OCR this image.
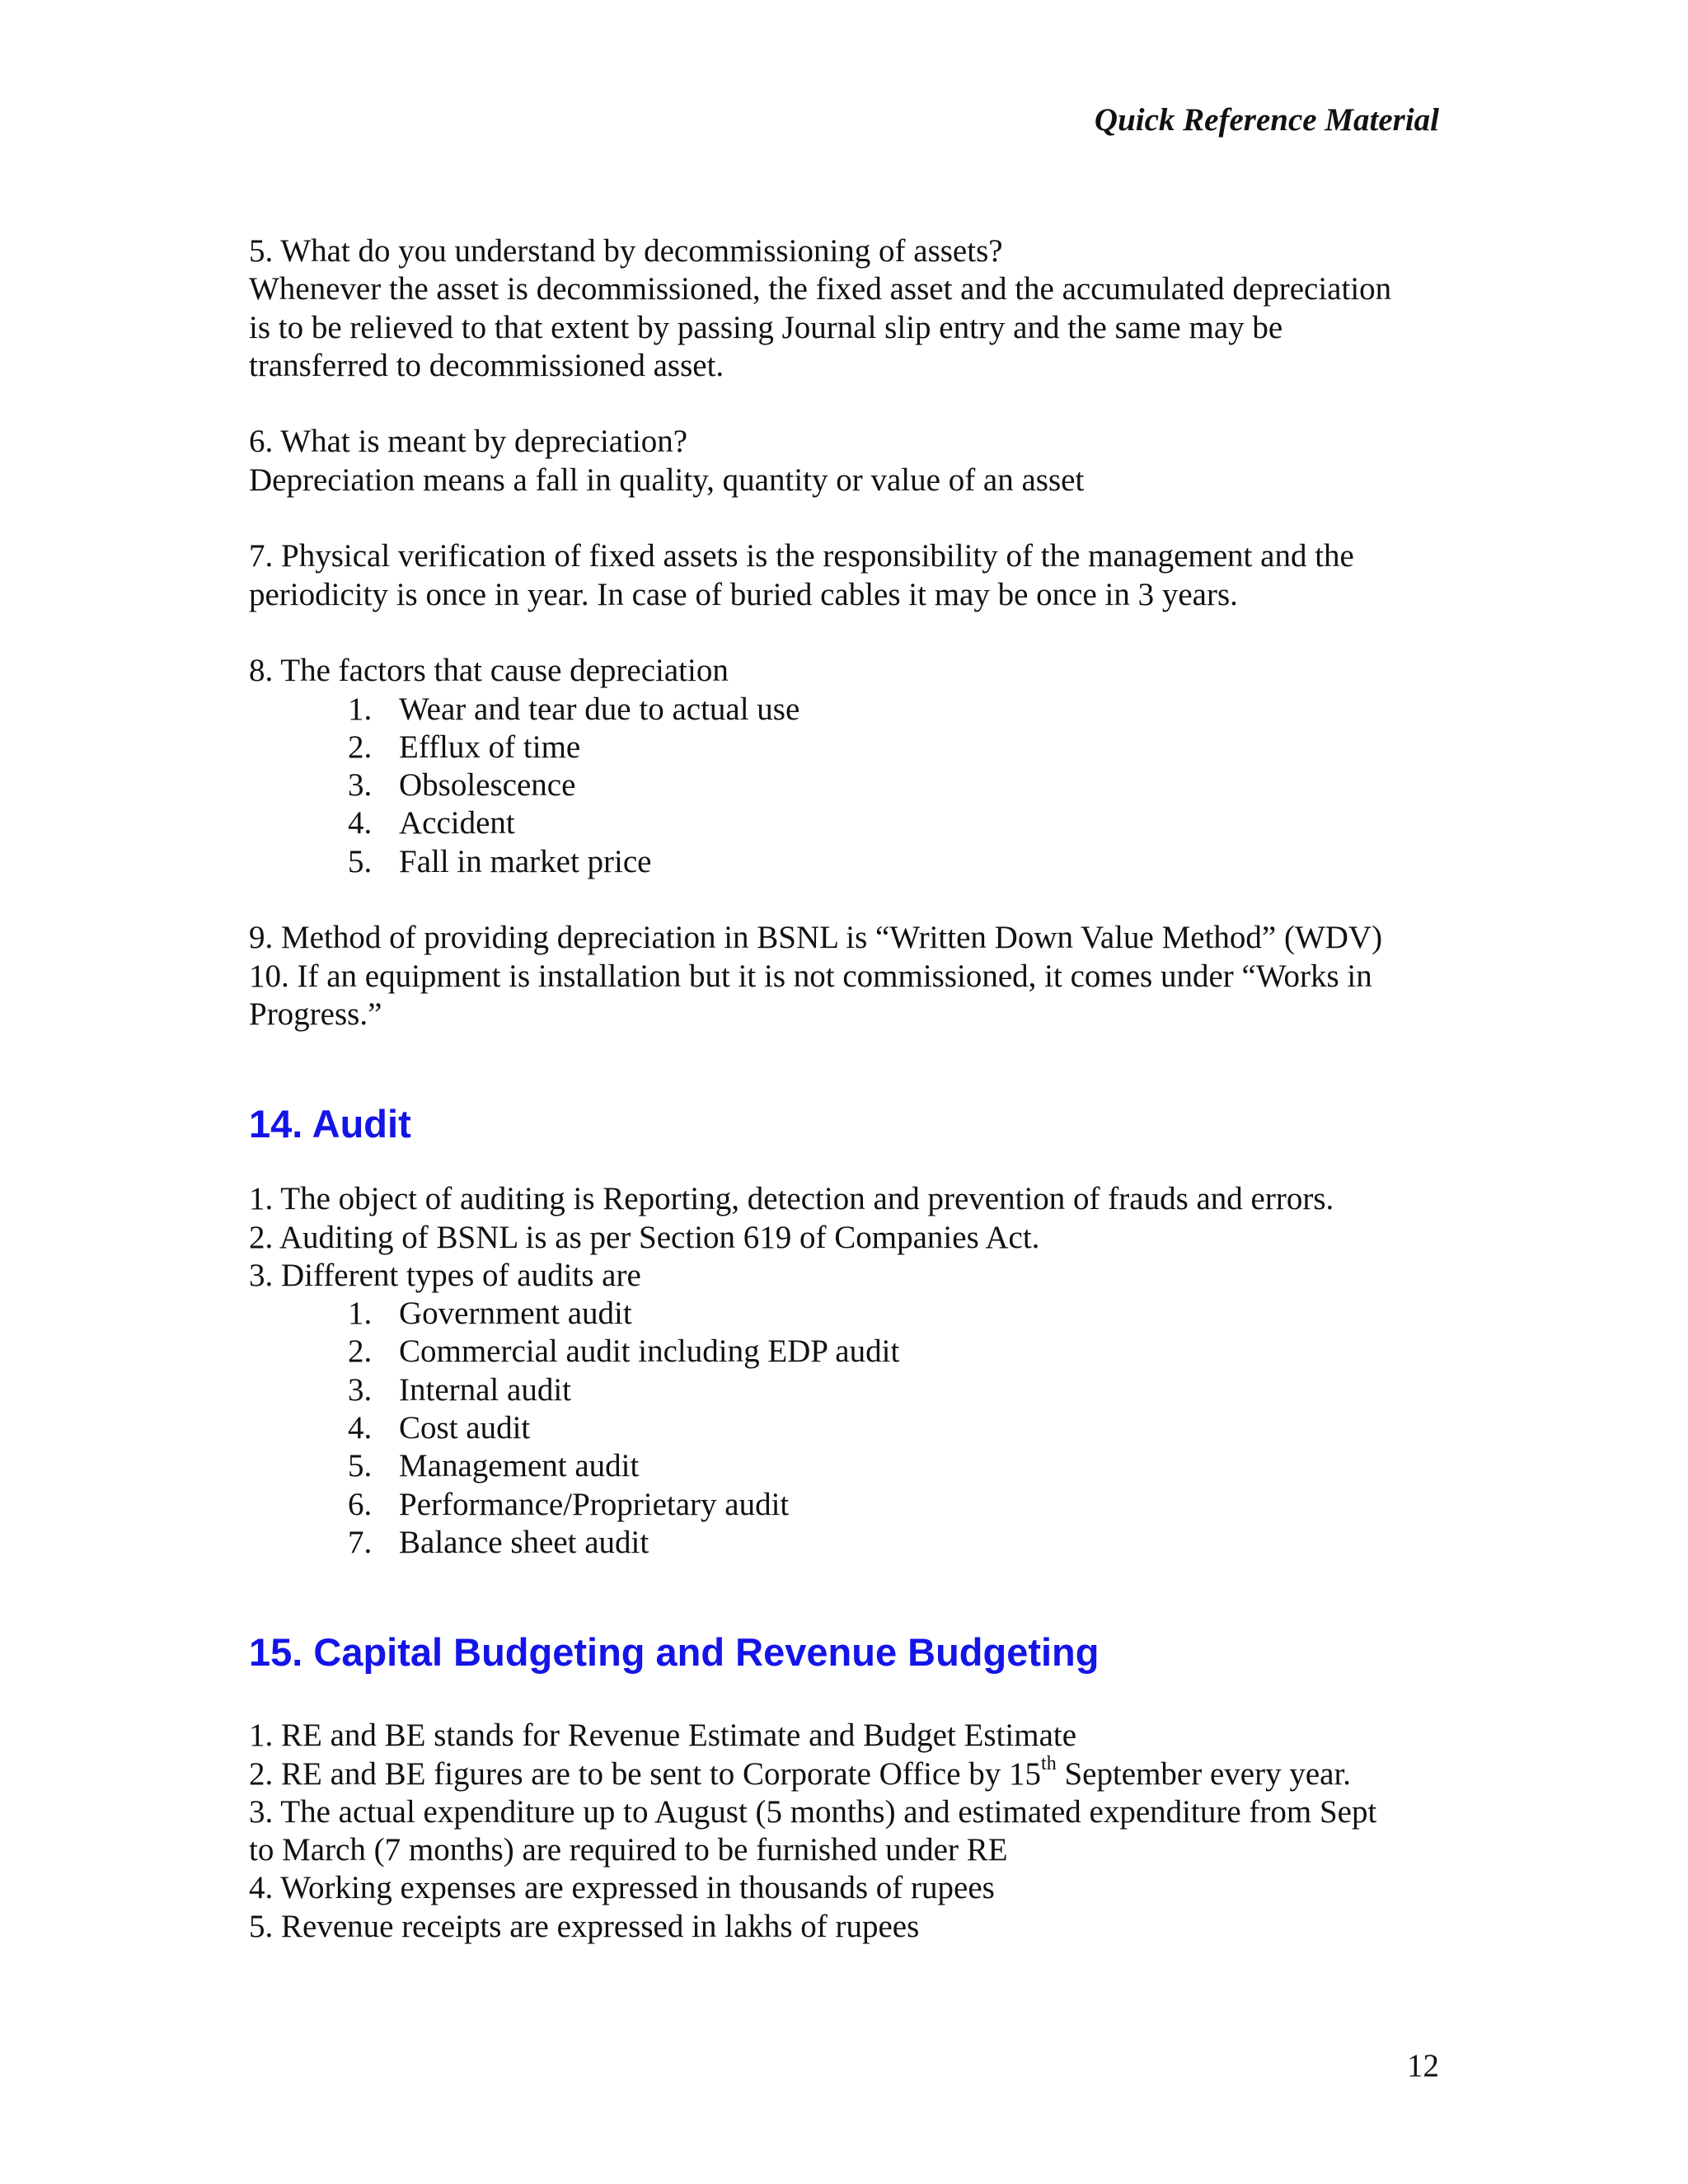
Quick Reference Material
5. What do you understand by decommissioning of assets?
Whenever the asset is decommissioned, the fixed asset and the accumulated depreciation
is to be relieved to that extent by passing Journal slip entry and the same may be
transferred to decommissioned asset.
6. What is meant by depreciation?
Depreciation means a fall in quality, quantity or value of an asset
7. Physical verification of fixed assets is the responsibility of the management and the
periodicity is once in year. In case of buried cables it may be once in 3 years.
8. The factors that cause depreciation
1. Wear and tear due to actual use
2. Efflux of time
3. Obsolescence
4. Accident
5. Fall in market price
9. Method of providing depreciation in BSNL is “Written Down Value Method” (WDV)
10. If an equipment is installation but it is not commissioned, it comes under “Works in
Progress.”
14. Audit
1. The object of auditing is Reporting, detection and prevention of frauds and errors.
2. Auditing of BSNL is as per Section 619 of Companies Act.
3. Different types of audits are
1. Government audit
2. Commercial audit including EDP audit
3. Internal audit
4. Cost audit
5. Management audit
6. Performance/Proprietary audit
7. Balance sheet audit
15. Capital Budgeting and Revenue Budgeting
1. RE and BE stands for Revenue Estimate and Budget Estimate
2. RE and BE figures are to be sent to Corporate Office by 15th September every year.
3. The actual expenditure up to August (5 months) and estimated expenditure from Sept
to March (7 months) are required to be furnished under RE
4. Working expenses are expressed in thousands of rupees
5. Revenue receipts are expressed in lakhs of rupees
12
